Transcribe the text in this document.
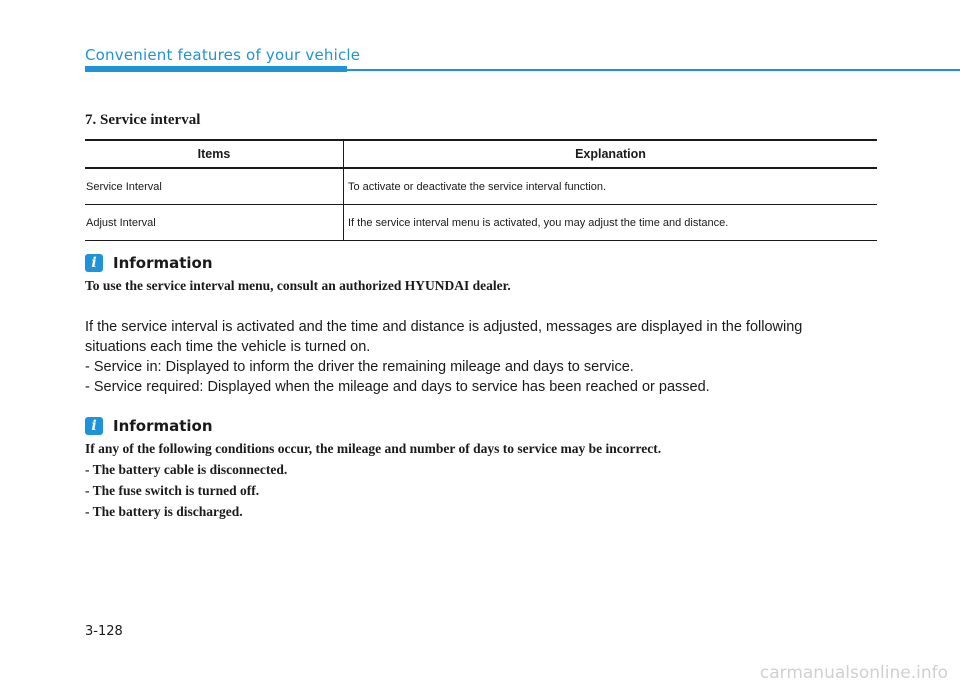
Convenient features of your vehicle
7. Service interval
Items	Explanation
Service Interval	To activate or deactivate the service interval function.
Adjust Interval	If the service interval menu is activated, you may adjust the time and distance.
i	Information
To use the service interval menu, consult an authorized HYUNDAI dealer.

If the service interval is activated and the time and distance is adjusted, messages are displayed in the following

situations each time the vehicle is turned on.

- Service in: Displayed to inform the driver the remaining mileage and days to service.

- Service required: Displayed when the mileage and days to service has been reached or passed.

i	Information
If any of the following conditions occur, the mileage and number of days to service may be incorrect.
- The battery cable is disconnected.
- The fuse switch is turned off.
- The battery is discharged.
3-128
carmanualsonline.info
